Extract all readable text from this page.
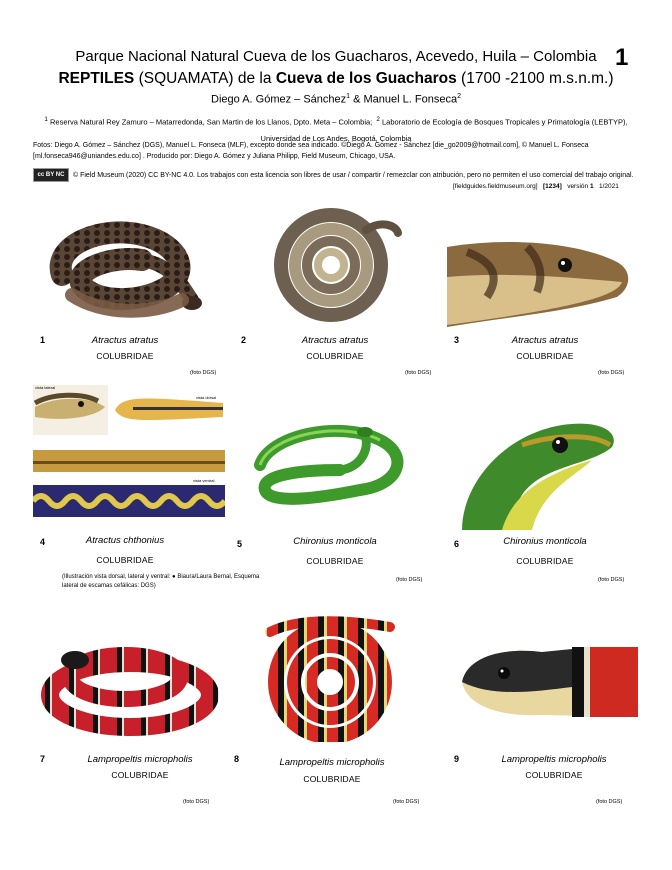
Parque Nacional Natural Cueva de los Guacharos, Acevedo, Huila – Colombia
REPTILES (SQUAMATA) de la Cueva de los Guacharos (1700 -2100 m.s.n.m.)
1
Diego A. Gómez – Sánchez$^1$ & Manuel L. Fonseca$^2$
$^1$ Reserva Natural Rey Zamuro – Matarredonda, San Martin de los Llanos, Dpto. Meta – Colombia; $^2$ Laboratorio de Ecología de Bosques Tropicales y Primatología (LEBTYP),
Universidad de Los Andes, Bogotá, Colombia
Fotos: Diego A. Gómez – Sánchez (DGS), Manuel L. Fonseca (MLF), excepto donde sea indicado. ©Diego A. Gómez - Sánchez [die_go2009@hotmail.com], © Manuel L. Fonseca
[ml.fonseca946@uniandes.edu.co] . Producido por: Diego A. Gómez y Juliana Philipp, Field Museum, Chicago, USA.
cc BY NC	© Field Museum (2020) CC BY-NC 4.0. Los trabajos con esta licencia son libres de usar / compartir / remezclar con atribución, pero no permiten el uso comercial del trabajo original.
[fieldguides.fieldmuseum.org] [1234] versión 1 1/2021
1	Atractus atratus
COLUBRIDAE
(foto DGS)
2	Atractus atratus
COLUBRIDAE
(foto DGS)
3	Atractus atratus
COLUBRIDAE
(foto DGS)
vista lateral
vista dorsal
vista ventral
4	Atractus chthonius
COLUBRIDAE
(Illustración vista dorsal, lateral y ventral: ● Biaura/Laura Bernal, Esquema lateral de escamas cefálicas: DGS)
5	Chironius monticola
COLUBRIDAE
(foto DGS)
6	Chironius monticola
COLUBRIDAE
(foto DGS)
7	Lampropeltis micropholis
COLUBRIDAE
(foto DGS)
8	Lampropeltis micropholis
COLUBRIDAE
(foto DGS)
9	Lampropeltis micropholis
COLUBRIDAE
(foto DGS)
